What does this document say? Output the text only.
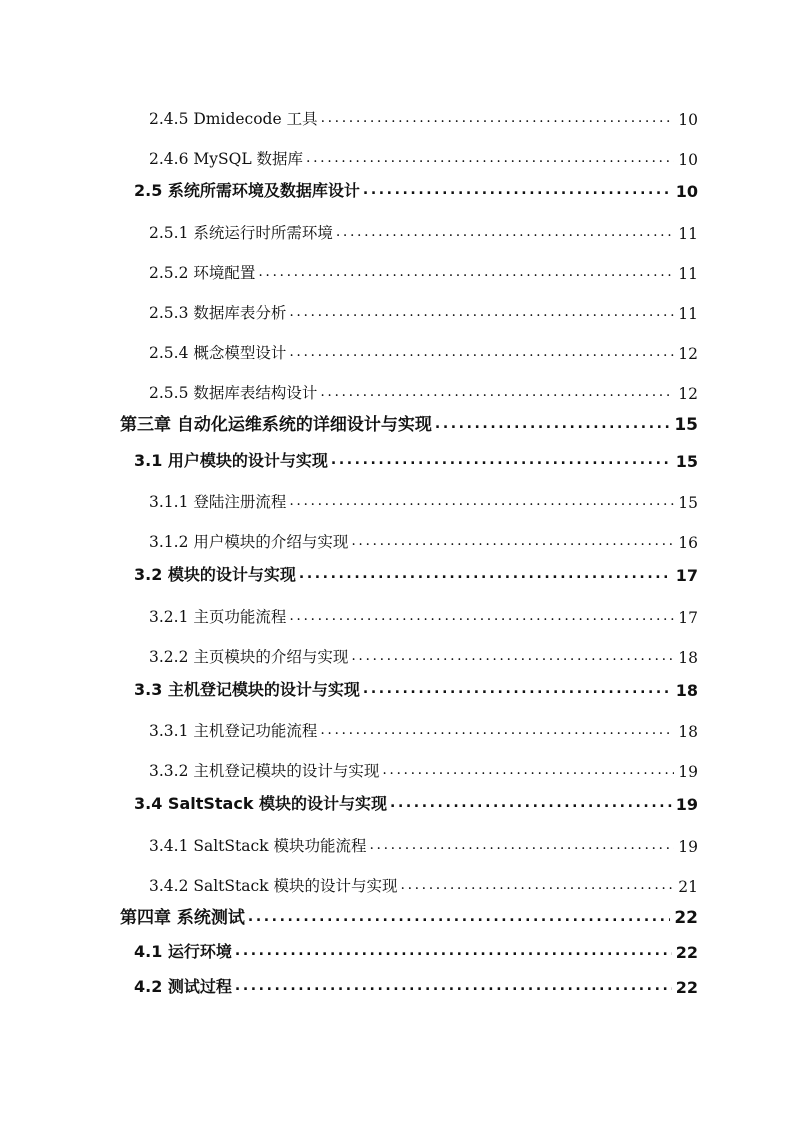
2.4.5 Dmidecode 工具 .....	10
2.4.6 MySQL 数据库 .....	10
2.5 系统所需环境及数据库设计 .....	10
2.5.1 系统运行时所需环境 .....	11
2.5.2 环境配置 .....	11
2.5.3 数据库表分析 .....	11
2.5.4 概念模型设计 .....	12
2.5.5 数据库表结构设计 .....	12
第三章 自动化运维系统的详细设计与实现 .....	15
3.1 用户模块的设计与实现 .....	15
3.1.1 登陆注册流程 .....	15
3.1.2 用户模块的介绍与实现 .....	16
3.2 模块的设计与实现 .....	17
3.2.1 主页功能流程 .....	17
3.2.2 主页模块的介绍与实现 .....	18
3.3 主机登记模块的设计与实现 .....	18
3.3.1 主机登记功能流程 .....	18
3.3.2 主机登记模块的设计与实现 .....	19
3.4 SaltStack 模块的设计与实现 .....	19
3.4.1 SaltStack 模块功能流程 .....	19
3.4.2 SaltStack 模块的设计与实现 .....	21
第四章 系统测试 .....	22
4.1 运行环境 .....	22
4.2 测试过程 .....	22
